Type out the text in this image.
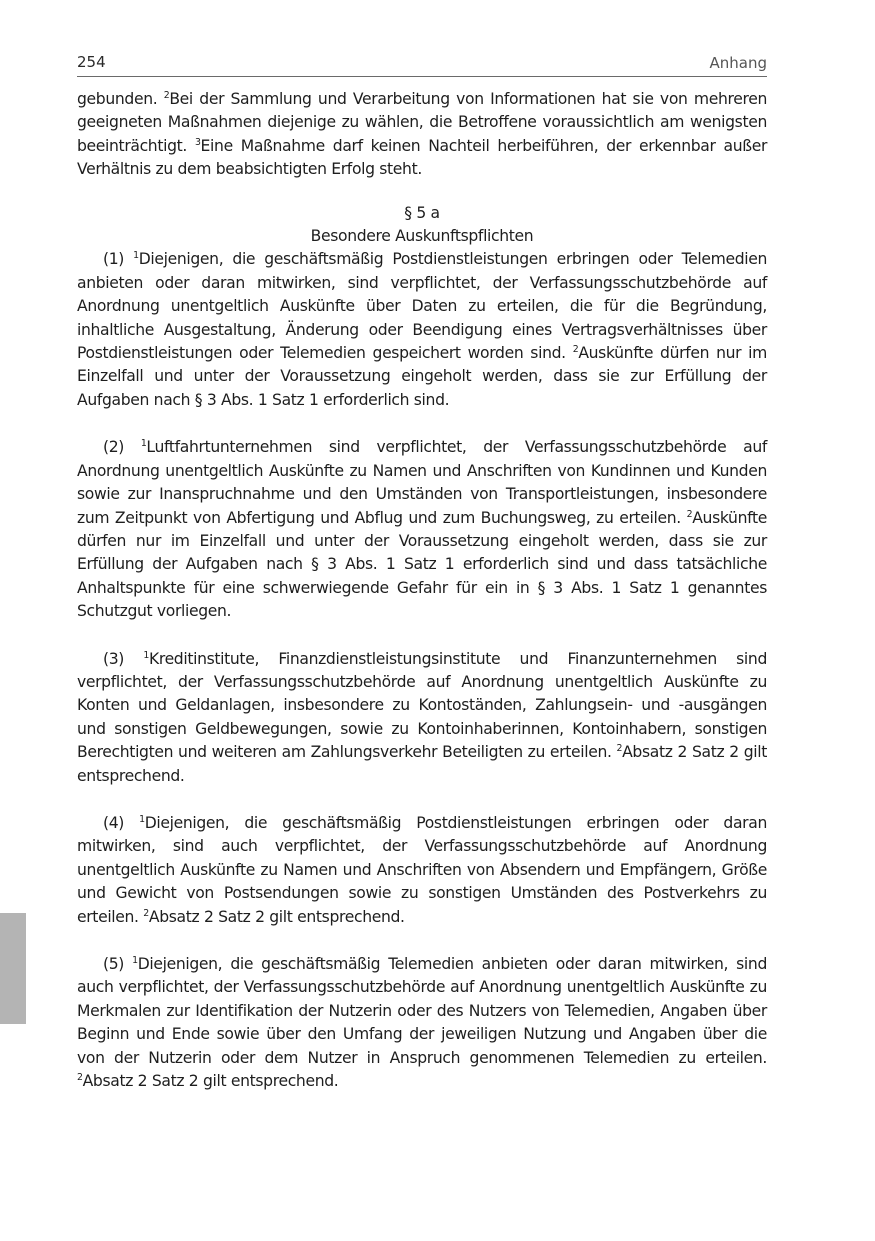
254	Anhang

gebunden. $^2$Bei der Sammlung und Verarbeitung von Informationen hat sie von mehreren geeigneten Maßnahmen diejenige zu wählen, die Betroffene voraussichtlich am wenigsten beeinträchtigt. $^3$Eine Maßnahme darf keinen Nachteil herbeiführen, der erkennbar außer Verhältnis zu dem beabsichtigten Erfolg steht.

§ 5 a
Besondere Auskunftspflichten

(1) $^1$Diejenigen, die geschäftsmäßig Postdienstleistungen erbringen oder Telemedien anbieten oder daran mitwirken, sind verpflichtet, der Verfassungsschutzbehörde auf Anordnung unentgeltlich Auskünfte über Daten zu erteilen, die für die Begründung, inhaltliche Ausgestaltung, Änderung oder Beendigung eines Vertragsverhältnisses über Postdienstleistungen oder Telemedien gespeichert worden sind. $^2$Auskünfte dürfen nur im Einzelfall und unter der Voraussetzung eingeholt werden, dass sie zur Erfüllung der Aufgaben nach § 3 Abs. 1 Satz 1 erforderlich sind.

(2) $^1$Luftfahrtunternehmen sind verpflichtet, der Verfassungsschutzbehörde auf Anordnung unentgeltlich Auskünfte zu Namen und Anschriften von Kundinnen und Kunden sowie zur Inanspruchnahme und den Umständen von Transportleistungen, insbesondere zum Zeitpunkt von Abfertigung und Abflug und zum Buchungsweg, zu erteilen. $^2$Auskünfte dürfen nur im Einzelfall und unter der Voraussetzung eingeholt werden, dass sie zur Erfüllung der Aufgaben nach § 3 Abs. 1 Satz 1 erforderlich sind und dass tatsächliche Anhaltspunkte für eine schwerwiegende Gefahr für ein in § 3 Abs. 1 Satz 1 genanntes Schutzgut vorliegen.

(3) $^1$Kreditinstitute, Finanzdienstleistungsinstitute und Finanzunternehmen sind verpflichtet, der Verfassungsschutzbehörde auf Anordnung unentgeltlich Auskünfte zu Konten und Geldanlagen, insbesondere zu Kontoständen, Zahlungsein- und -ausgängen und sonstigen Geldbewegungen, sowie zu Kontoinhaberinnen, Kontoinhabern, sonstigen Berechtigten und weiteren am Zahlungsverkehr Beteiligten zu erteilen. $^2$Absatz 2 Satz 2 gilt entsprechend.

(4) $^1$Diejenigen, die geschäftsmäßig Postdienstleistungen erbringen oder daran mitwirken, sind auch verpflichtet, der Verfassungsschutzbehörde auf Anordnung unentgeltlich Auskünfte zu Namen und Anschriften von Absendern und Empfängern, Größe und Gewicht von Postsendungen sowie zu sonstigen Umständen des Postverkehrs zu erteilen. $^2$Absatz 2 Satz 2 gilt entsprechend.

(5) $^1$Diejenigen, die geschäftsmäßig Telemedien anbieten oder daran mitwirken, sind auch verpflichtet, der Verfassungsschutzbehörde auf Anordnung unentgeltlich Auskünfte zu Merkmalen zur Identifikation der Nutzerin oder des Nutzers von Telemedien, Angaben über Beginn und Ende sowie über den Umfang der jeweiligen Nutzung und Angaben über die von der Nutzerin oder dem Nutzer in Anspruch genommenen Telemedien zu erteilen. $^2$Absatz 2 Satz 2 gilt entsprechend.
